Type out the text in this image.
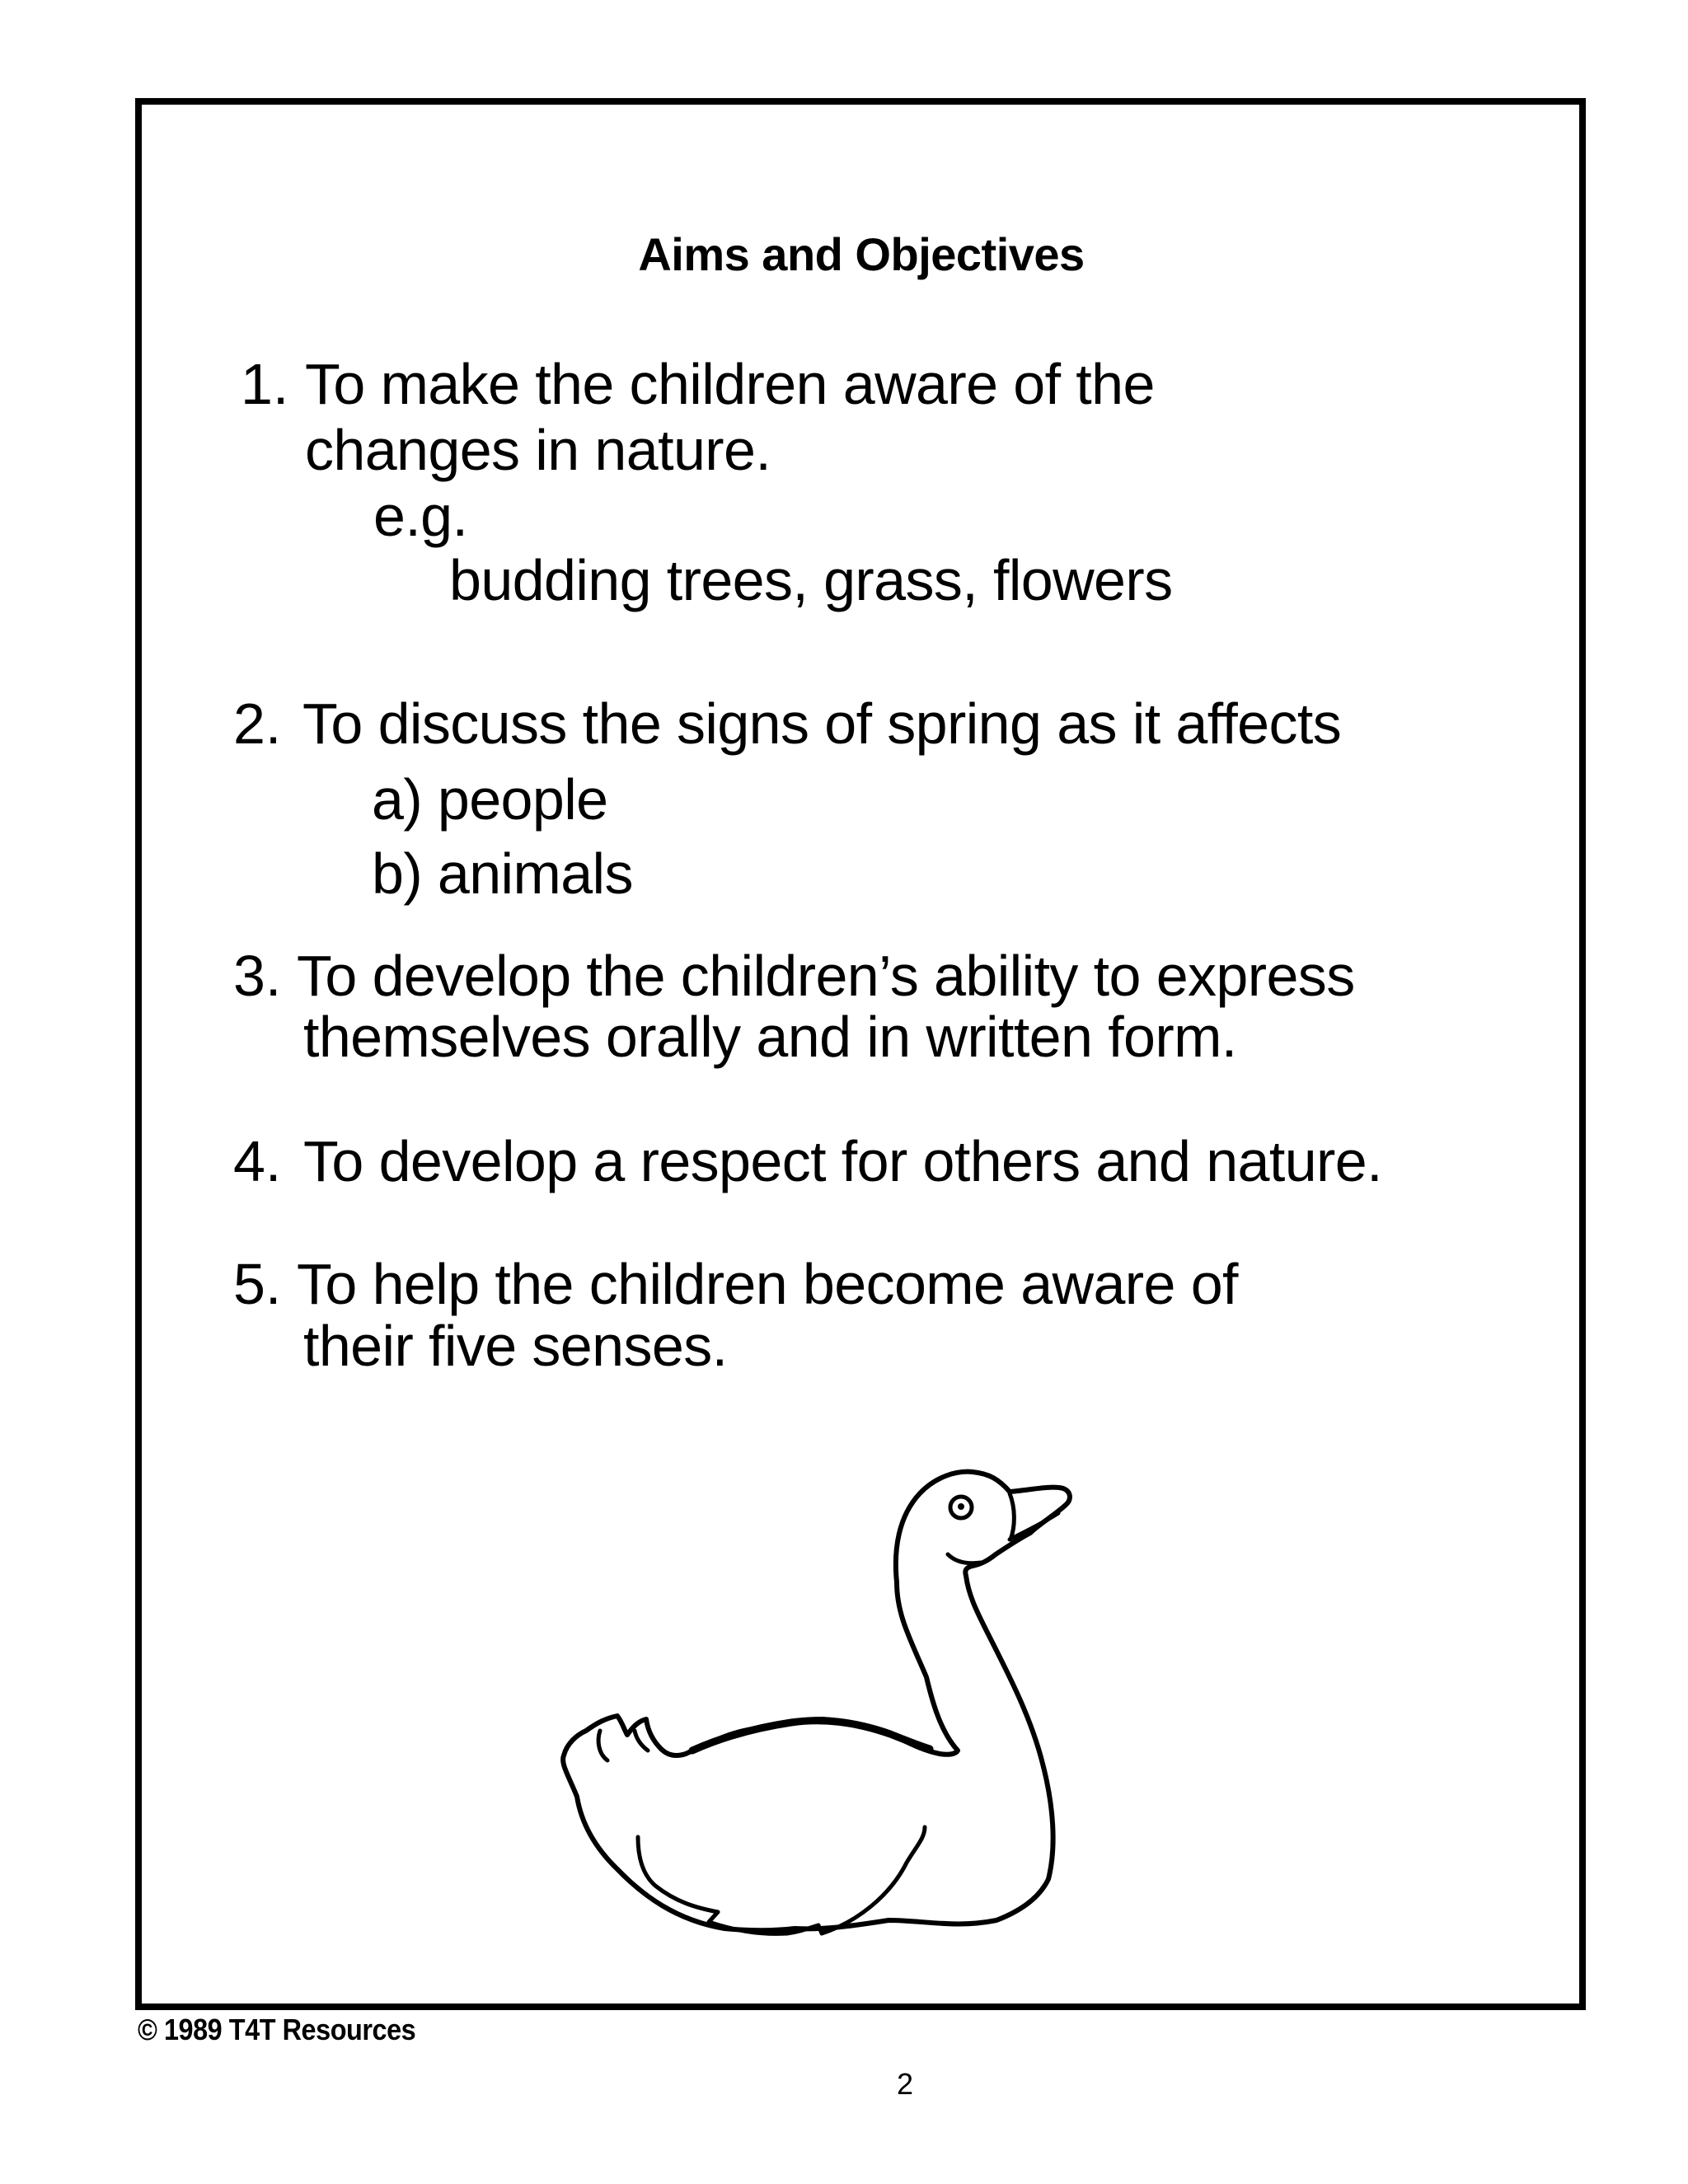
Aims and Objectives
1. To make the children aware of the
changes in nature.
e.g.
budding trees, grass, flowers
2. To discuss the signs of spring as it affects
a) people
b) animals
3. To develop the children’s ability to express
themselves orally and in written form.
4. To develop a respect for others and nature.
5. To help the children become aware of
their five senses.
© 1989 T4T Resources
2
